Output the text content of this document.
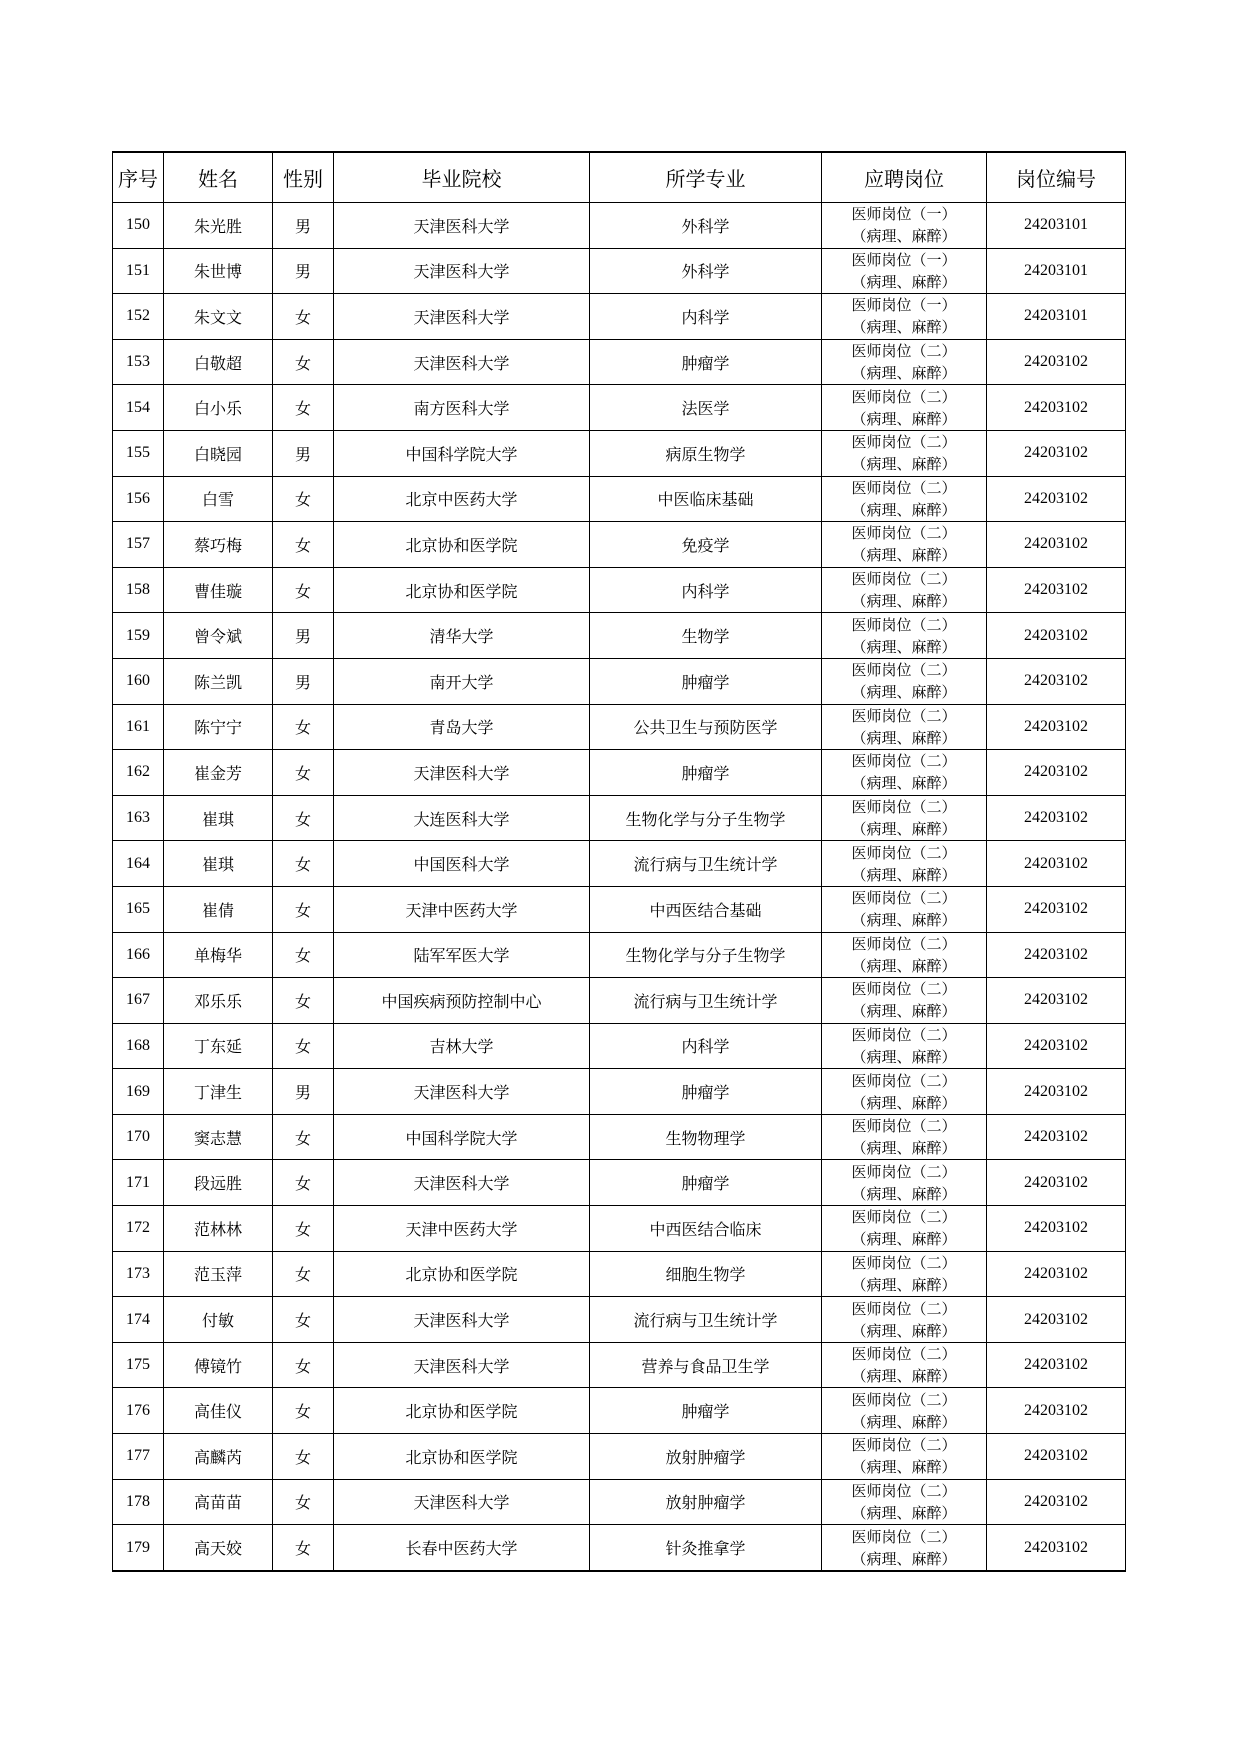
序号	姓名	性别	毕业院校	所学专业	应聘岗位	岗位编号
150	朱光胜	男	天津医科大学	外科学	医师岗位（一）
（病理、麻醉）	24203101
151	朱世博	男	天津医科大学	外科学	医师岗位（一）
（病理、麻醉）	24203101
152	朱文文	女	天津医科大学	内科学	医师岗位（一）
（病理、麻醉）	24203101
153	白敬超	女	天津医科大学	肿瘤学	医师岗位（二）
（病理、麻醉）	24203102
154	白小乐	女	南方医科大学	法医学	医师岗位（二）
（病理、麻醉）	24203102
155	白晓园	男	中国科学院大学	病原生物学	医师岗位（二）
（病理、麻醉）	24203102
156	白雪	女	北京中医药大学	中医临床基础	医师岗位（二）
（病理、麻醉）	24203102
157	蔡巧梅	女	北京协和医学院	免疫学	医师岗位（二）
（病理、麻醉）	24203102
158	曹佳璇	女	北京协和医学院	内科学	医师岗位（二）
（病理、麻醉）	24203102
159	曾令斌	男	清华大学	生物学	医师岗位（二）
（病理、麻醉）	24203102
160	陈兰凯	男	南开大学	肿瘤学	医师岗位（二）
（病理、麻醉）	24203102
161	陈宁宁	女	青岛大学	公共卫生与预防医学	医师岗位（二）
（病理、麻醉）	24203102
162	崔金芳	女	天津医科大学	肿瘤学	医师岗位（二）
（病理、麻醉）	24203102
163	崔琪	女	大连医科大学	生物化学与分子生物学	医师岗位（二）
（病理、麻醉）	24203102
164	崔琪	女	中国医科大学	流行病与卫生统计学	医师岗位（二）
（病理、麻醉）	24203102
165	崔倩	女	天津中医药大学	中西医结合基础	医师岗位（二）
（病理、麻醉）	24203102
166	单梅华	女	陆军军医大学	生物化学与分子生物学	医师岗位（二）
（病理、麻醉）	24203102
167	邓乐乐	女	中国疾病预防控制中心	流行病与卫生统计学	医师岗位（二）
（病理、麻醉）	24203102
168	丁东延	女	吉林大学	内科学	医师岗位（二）
（病理、麻醉）	24203102
169	丁津生	男	天津医科大学	肿瘤学	医师岗位（二）
（病理、麻醉）	24203102
170	窦志慧	女	中国科学院大学	生物物理学	医师岗位（二）
（病理、麻醉）	24203102
171	段远胜	女	天津医科大学	肿瘤学	医师岗位（二）
（病理、麻醉）	24203102
172	范林林	女	天津中医药大学	中西医结合临床	医师岗位（二）
（病理、麻醉）	24203102
173	范玉萍	女	北京协和医学院	细胞生物学	医师岗位（二）
（病理、麻醉）	24203102
174	付敏	女	天津医科大学	流行病与卫生统计学	医师岗位（二）
（病理、麻醉）	24203102
175	傅镜竹	女	天津医科大学	营养与食品卫生学	医师岗位（二）
（病理、麻醉）	24203102
176	高佳仪	女	北京协和医学院	肿瘤学	医师岗位（二）
（病理、麻醉）	24203102
177	高麟芮	女	北京协和医学院	放射肿瘤学	医师岗位（二）
（病理、麻醉）	24203102
178	高苗苗	女	天津医科大学	放射肿瘤学	医师岗位（二）
（病理、麻醉）	24203102
179	高天姣	女	长春中医药大学	针灸推拿学	医师岗位（二）
（病理、麻醉）	24203102
